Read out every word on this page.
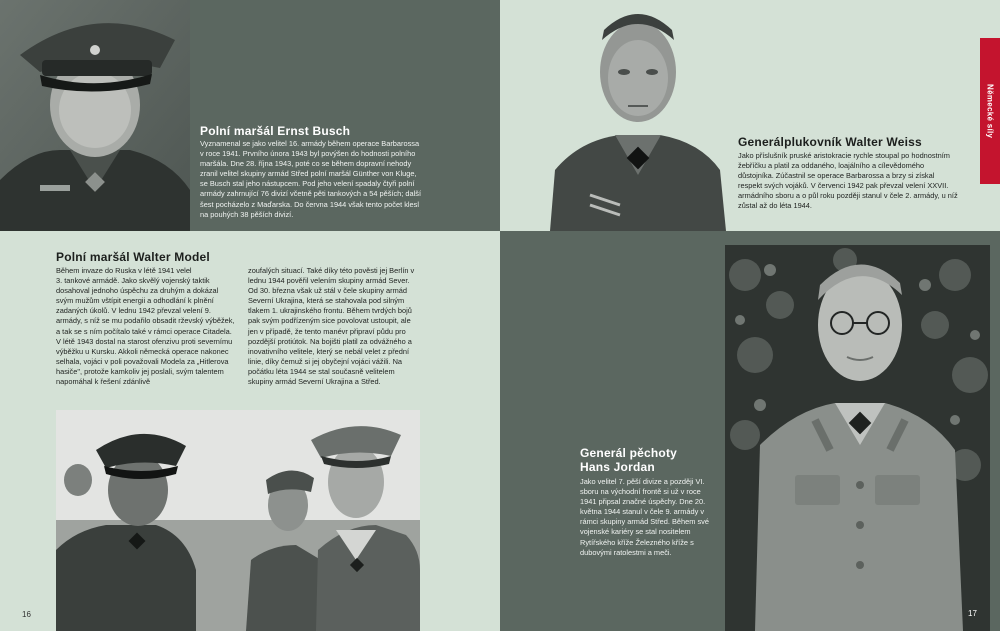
Polní maršál Ernst Busch
Vyznamenal se jako velitel 16. armády během operace Barbarossa v roce 1941. Prvního února 1943 byl povýšen do hodnosti polního maršála. Dne 28. října 1943, poté co se během dopravní nehody zranil velitel skupiny armád Střed polní maršál Günther von Kluge, se Busch stal jeho nástupcem. Pod jeho velení spadaly čtyři polní armády zahrnující 76 divizí včetně pěti tankových a 54 pěších; další šest pocházelo z Maďarska. Do června 1944 však tento počet klesl na pouhých 38 pěších divizí.
Polní maršál Walter Model
Během invaze do Ruska v létě 1941 velel
3. tankové armádě. Jako skvělý vojenský taktik dosahoval jednoho úspěchu za druhým a dokázal svým mužům vštípit energii a odhodlání k plnění zadaných úkolů. V lednu 1942 převzal velení 9. armády, s níž se mu podařilo obsadit rževský výběžek, a tak se s ním počítalo také v rámci operace Citadela. V létě 1943 dostal na starost ofenzivu proti severnímu výběžku u Kursku. Akkoli německá operace nakonec selhala, vojáci v poli považovali Modela za „Hitlerova hasiče", protože kamkoliv jej poslali, svým talentem napomáhal k řešení zdánlivě
zoufalých situací. Také díky této pověsti jej Berlín v lednu 1944 pověřil velením skupiny armád Sever. Od 30. března však už stál v čele skupiny armád Severní Ukrajina, která se stahovala pod silným tlakem 1. ukrajinského frontu. Během tvrdých bojů pak svým podřízeným sice povolovat ustoupit, ale jen v případě, že tento manévr připraví půdu pro pozdější protiútok. Na bojišti platil za odvážného a inovativního velitele, který se nebál velet z přední linie, díky čemuž si jej obyčejní vojáci vážili. Na počátku léta 1944 se stal současně velitelem skupiny armád Severní Ukrajina a Střed.
16
Generálplukovník Walter Weiss
Jako příslušník pruské aristokracie rychle stoupal po hodnostním žebříčku a platil za oddaného, loajálního a cílevědomého důstojníka. Zúčastnil se operace Barbarossa a brzy si získal respekt svých vojáků. V červenci 1942 pak převzal velení XXVII. armádního sboru a o půl roku později stanul v čele 2. armády, u níž zůstal až do léta 1944.
Generál pěchoty
Hans Jordan
Jako velitel 7. pěší divize a později VI. sboru na východní frontě si už v roce 1941 připsal značné úspěchy. Dne 20. května 1944 stanul v čele 9. armády v rámci skupiny armád Střed. Během své vojenské kariéry se stal nositelem Rytířského kříže Železného kříže s dubovými ratolestmi a meči.
17
Německé síly
